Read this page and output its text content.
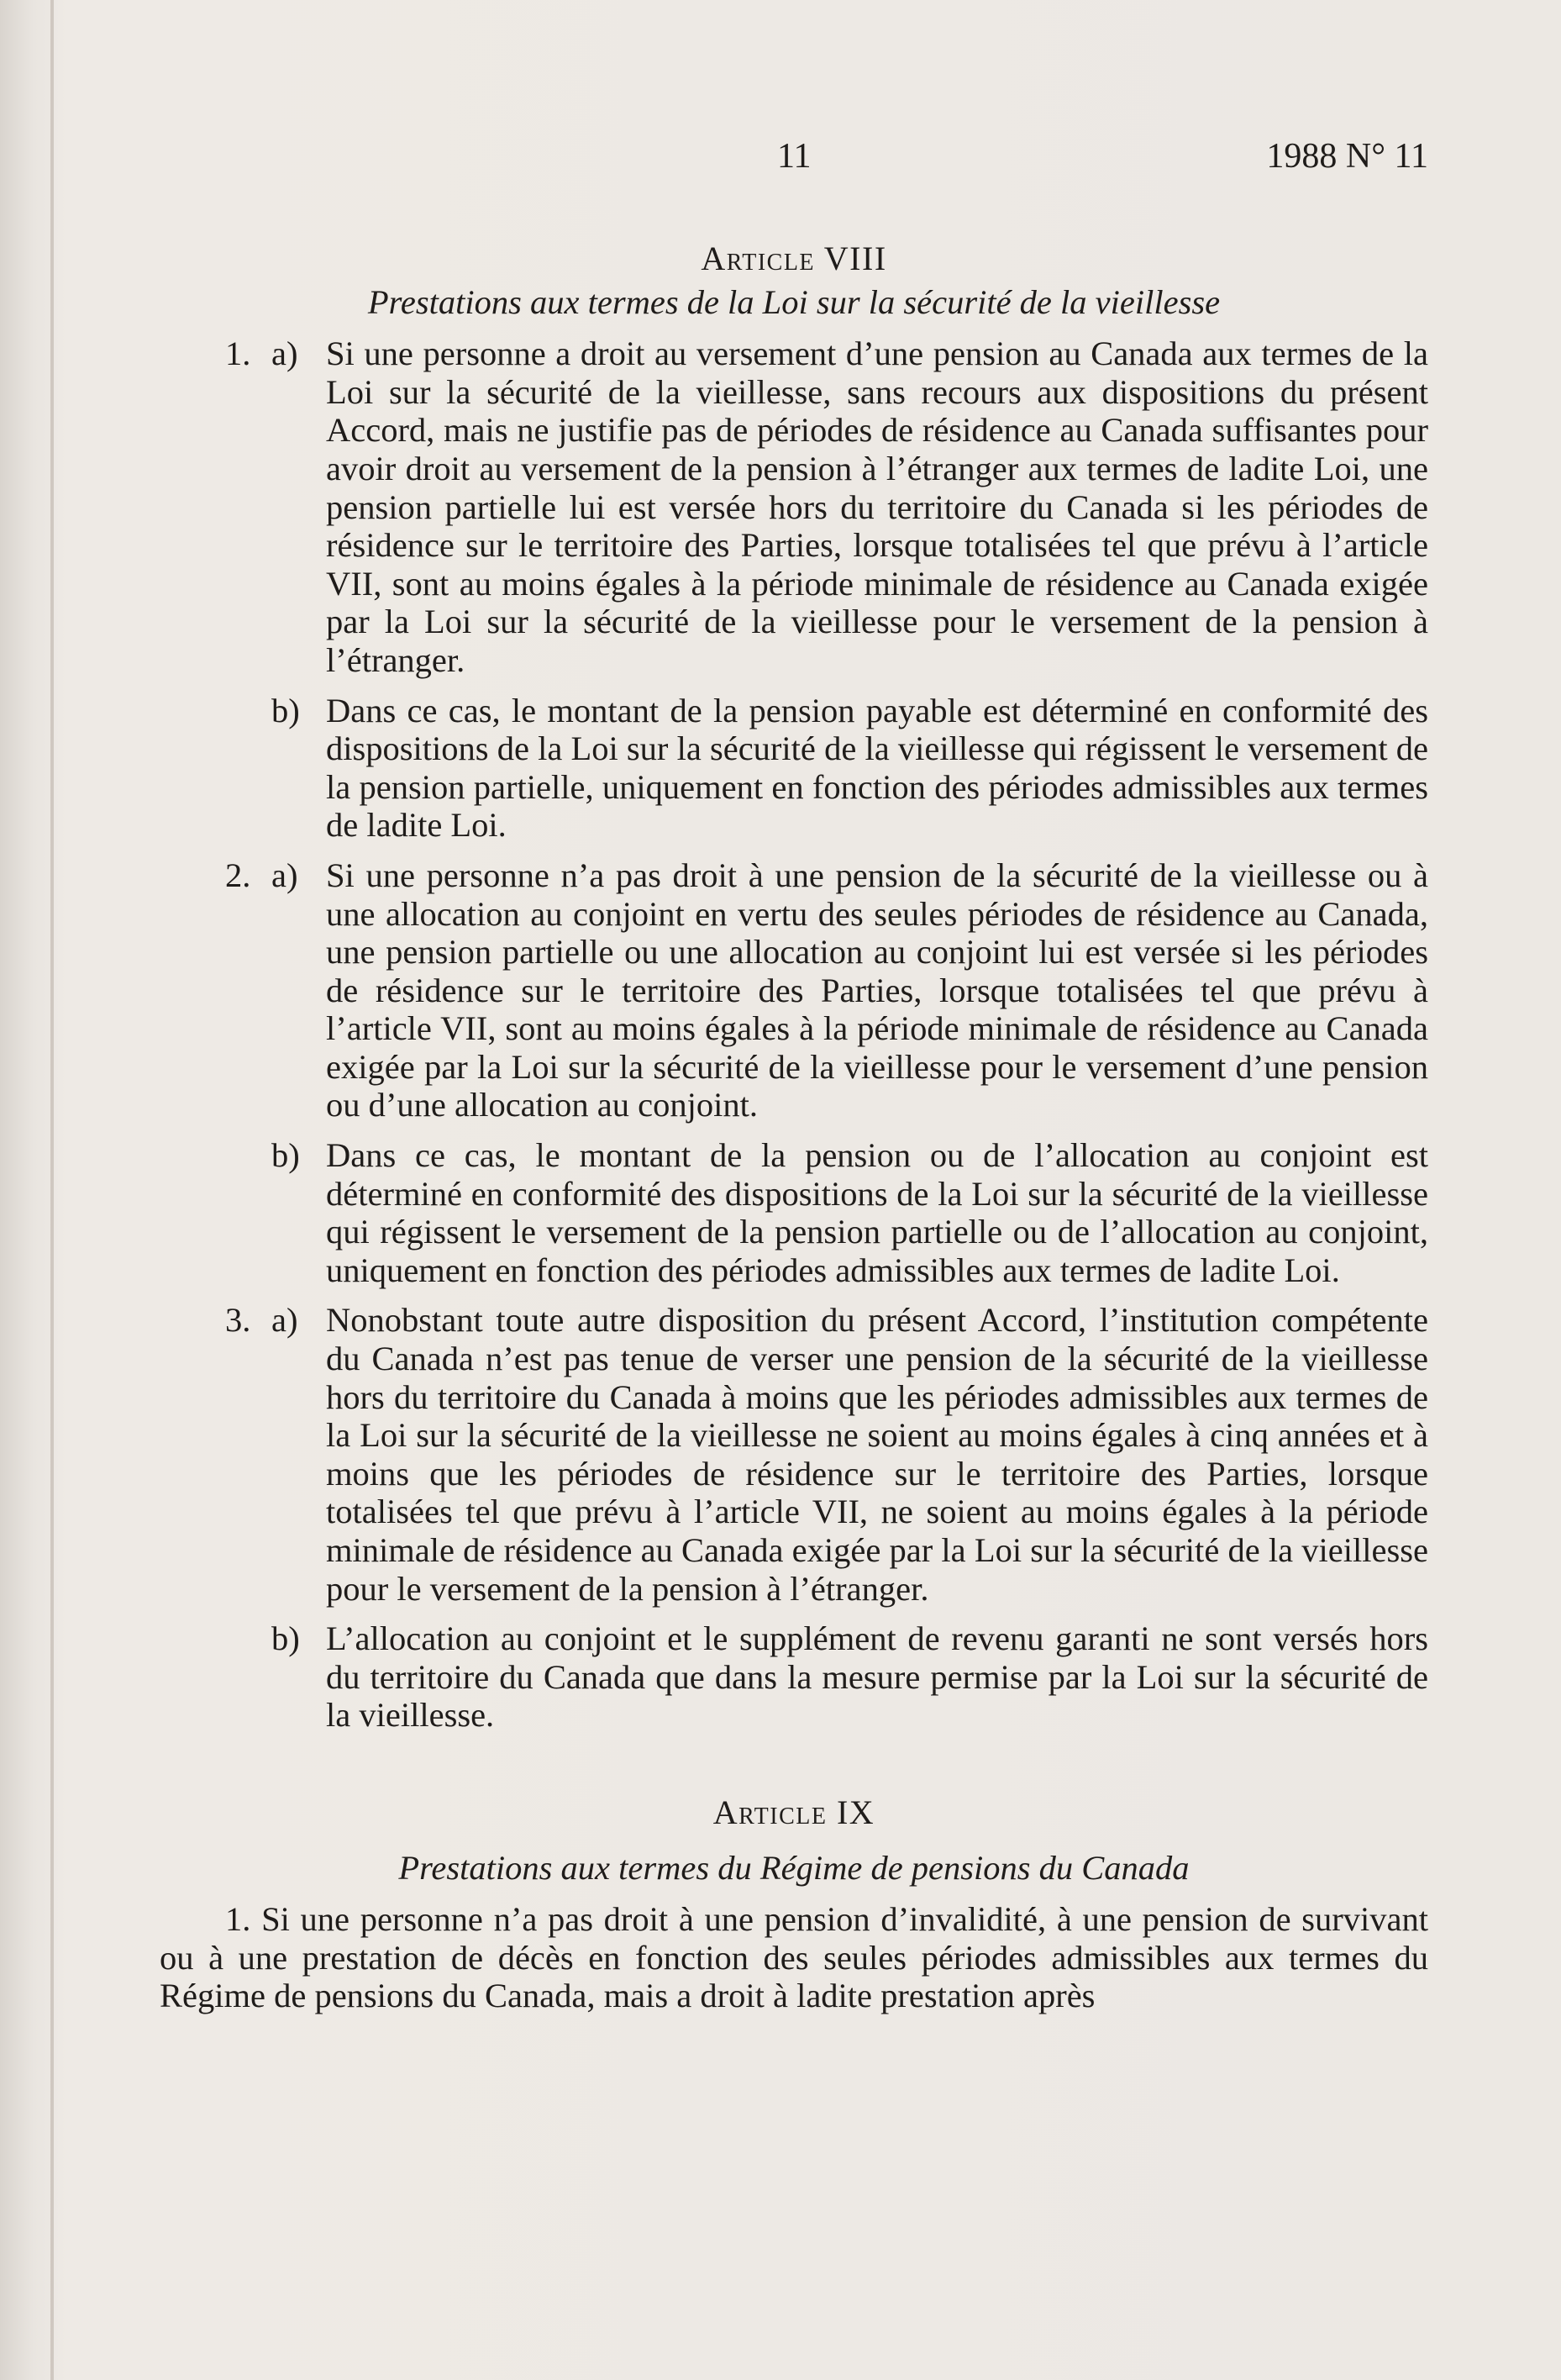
11	1988 N° 11

Article VIII

Prestations aux termes de la Loi sur la sécurité de la vieillesse

1. a) Si une personne a droit au versement d’une pension au Canada aux termes de la Loi sur la sécurité de la vieillesse, sans recours aux dispositions du présent Accord, mais ne justifie pas de périodes de résidence au Canada suffisantes pour avoir droit au versement de la pension à l’étranger aux termes de ladite Loi, une pension partielle lui est versée hors du territoire du Canada si les périodes de résidence sur le territoire des Parties, lorsque totalisées tel que prévu à l’article VII, sont au moins égales à la période minimale de résidence au Canada exigée par la Loi sur la sécurité de la vieillesse pour le versement de la pension à l’étranger.
b) Dans ce cas, le montant de la pension payable est déterminé en conformité des dispositions de la Loi sur la sécurité de la vieillesse qui régissent le versement de la pension partielle, uniquement en fonction des périodes admissibles aux termes de ladite Loi.
2. a) Si une personne n’a pas droit à une pension de la sécurité de la vieillesse ou à une allocation au conjoint en vertu des seules périodes de résidence au Canada, une pension partielle ou une allocation au conjoint lui est versée si les périodes de résidence sur le territoire des Parties, lorsque totalisées tel que prévu à l’article VII, sont au moins égales à la période minimale de résidence au Canada exigée par la Loi sur la sécurité de la vieillesse pour le versement d’une pension ou d’une allocation au conjoint.
b) Dans ce cas, le montant de la pension ou de l’allocation au conjoint est déterminé en conformité des dispositions de la Loi sur la sécurité de la vieillesse qui régissent le versement de la pension partielle ou de l’allocation au conjoint, uniquement en fonction des périodes admissibles aux termes de ladite Loi.
3. a) Nonobstant toute autre disposition du présent Accord, l’institution compétente du Canada n’est pas tenue de verser une pension de la sécurité de la vieillesse hors du territoire du Canada à moins que les périodes admissibles aux termes de la Loi sur la sécurité de la vieillesse ne soient au moins égales à cinq années et à moins que les périodes de résidence sur le territoire des Parties, lorsque totalisées tel que prévu à l’article VII, ne soient au moins égales à la période minimale de résidence au Canada exigée par la Loi sur la sécurité de la vieillesse pour le versement de la pension à l’étranger.
b) L’allocation au conjoint et le supplément de revenu garanti ne sont versés hors du territoire du Canada que dans la mesure permise par la Loi sur la sécurité de la vieillesse.

Article IX

Prestations aux termes du Régime de pensions du Canada

1. Si une personne n’a pas droit à une pension d’invalidité, à une pension de survivant ou à une prestation de décès en fonction des seules périodes admissibles aux termes du Régime de pensions du Canada, mais a droit à ladite prestation après
